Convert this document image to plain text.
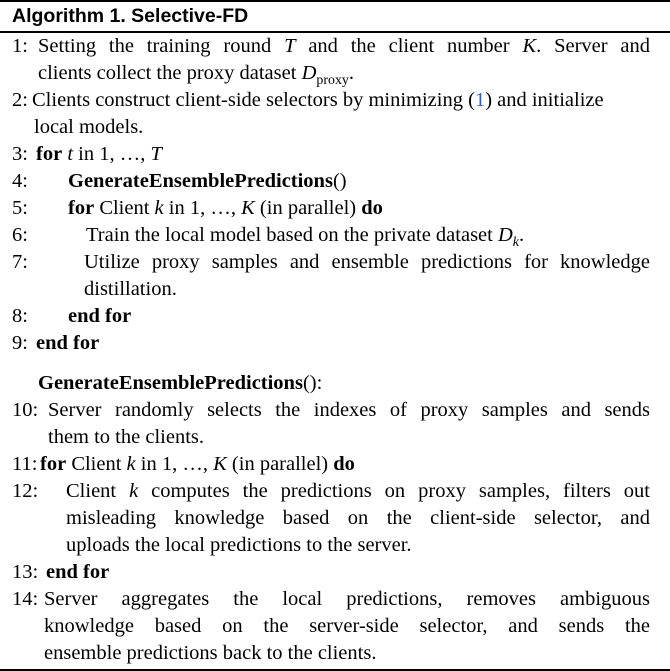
Algorithm 1. Selective-FD
1: Setting the training round T and the client number K. Server and
clients collect the proxy dataset $D_{proxy}$.
2: Clients construct client-side selectors by minimizing (1) and initialize
local models.
3: for t in 1, …, T
4: GenerateEnsemblePredictions()
5: for Client k in 1, …, K (in parallel) do
6:	Train the local model based on the private dataset $D_k$.
7:	Utilize proxy samples and ensemble predictions for knowledge
distillation.
8: end for
9: end for
GenerateEnsemblePredictions():
10: Server randomly selects the indexes of proxy samples and sends
them to the clients.
11: for Client k in 1, …, K (in parallel) do
12: Client k computes the predictions on proxy samples, filters out
misleading knowledge based on the client-side selector, and
uploads the local predictions to the server.
13: end for
14: Server aggregates the local predictions, removes ambiguous
knowledge based on the server-side selector, and sends the
ensemble predictions back to the clients.
